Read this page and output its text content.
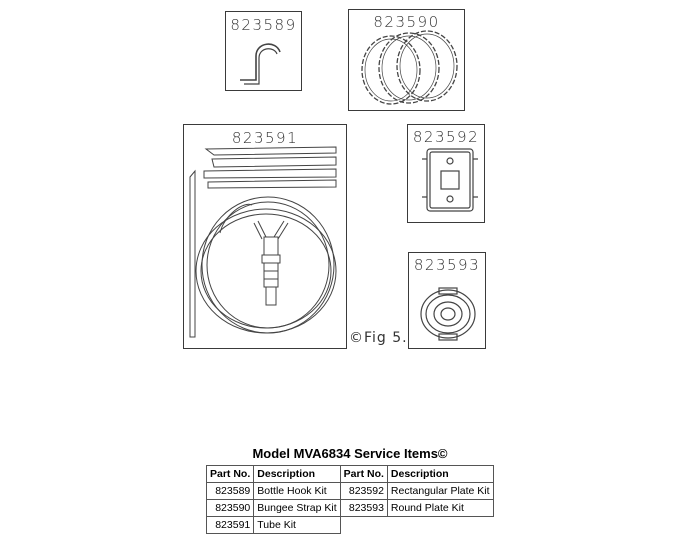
823589	823590
823591	823592
823593
©Fig 5.
Model MVA6834 Service Items©
Part No.	Description	Part No.	Description
823589	Bottle Hook Kit	823592	Rectangular Plate Kit
823590	Bungee Strap Kit	823593	Round Plate Kit
823591	Tube Kit		
